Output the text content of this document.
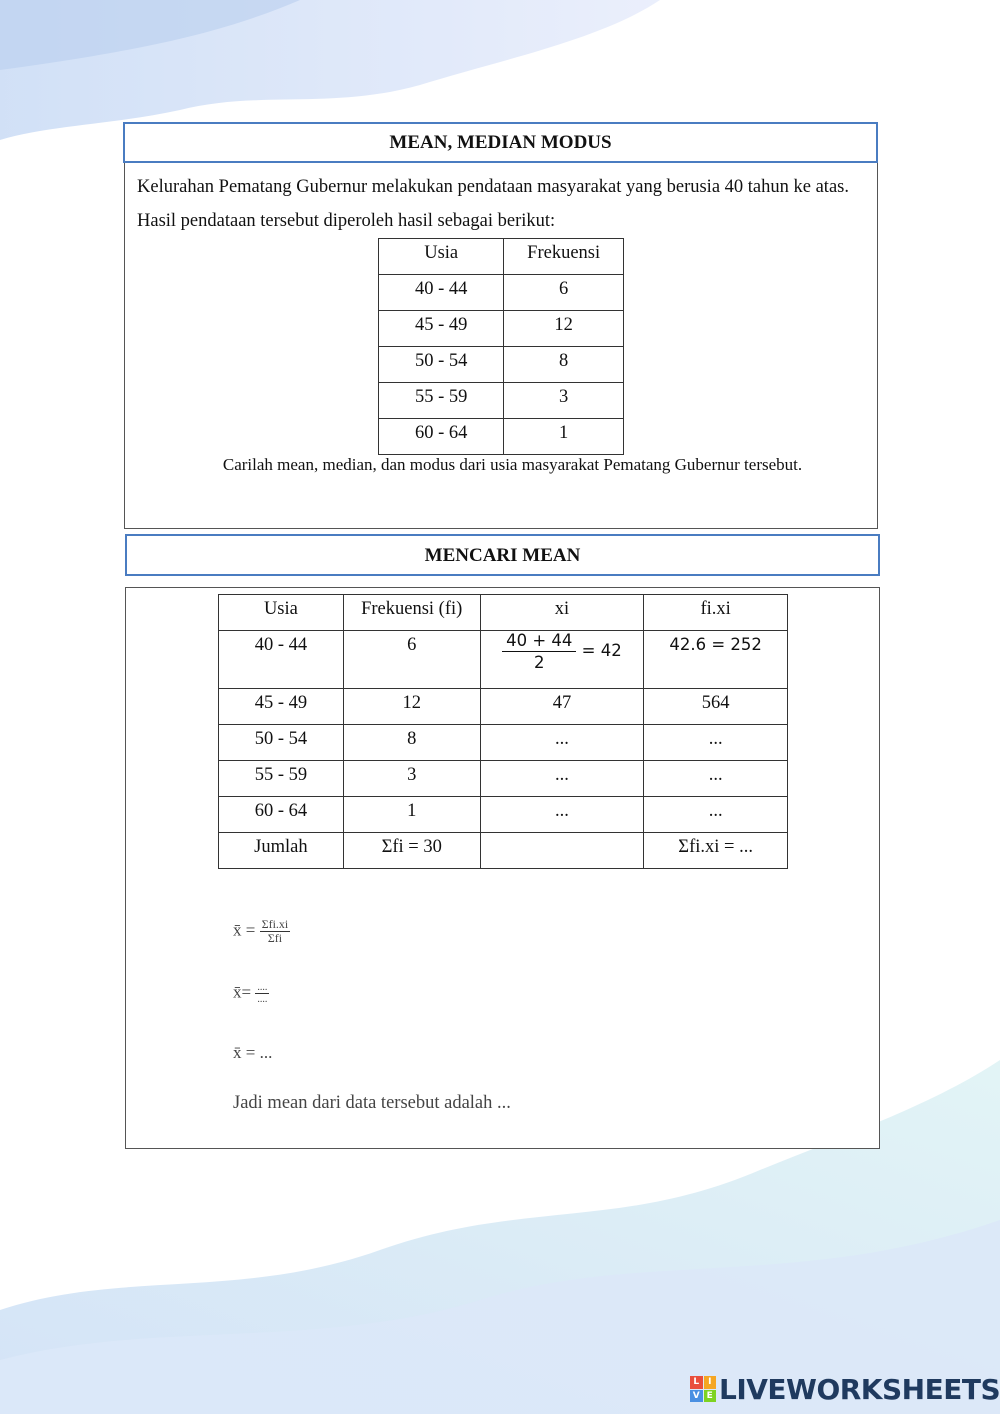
MEAN, MEDIAN MODUS
Kelurahan Pematang Gubernur melakukan pendataan masyarakat yang berusia 40 tahun ke atas. Hasil pendataan tersebut diperoleh hasil sebagai berikut:
Usia	Frekuensi
40 - 44	6
45 - 49	12
50 - 54	8
55 - 59	3
60 - 64	1
Carilah mean, median, dan modus dari usia masyarakat Pematang Gubernur tersebut.
MENCARI MEAN
Usia	Frekuensi (fi)	xi	fi.xi
40 - 44	6	$\frac{40 + 44}{2} = 42$	42.6 = 252
45 - 49	12	47	564
50 - 54	8	...	...
55 - 59	3	...	...
60 - 64	1	...	...
Jumlah	Σfi = 30		Σfi.xi = ...
x̄ = $\frac{\text{Σfi.xi}}{\text{Σfi}}$
x̄= $\frac{....}{....}$
x̄ = ...
Jadi mean dari data tersebut adalah ...
L I
V E LIVEWORKSHEETS
